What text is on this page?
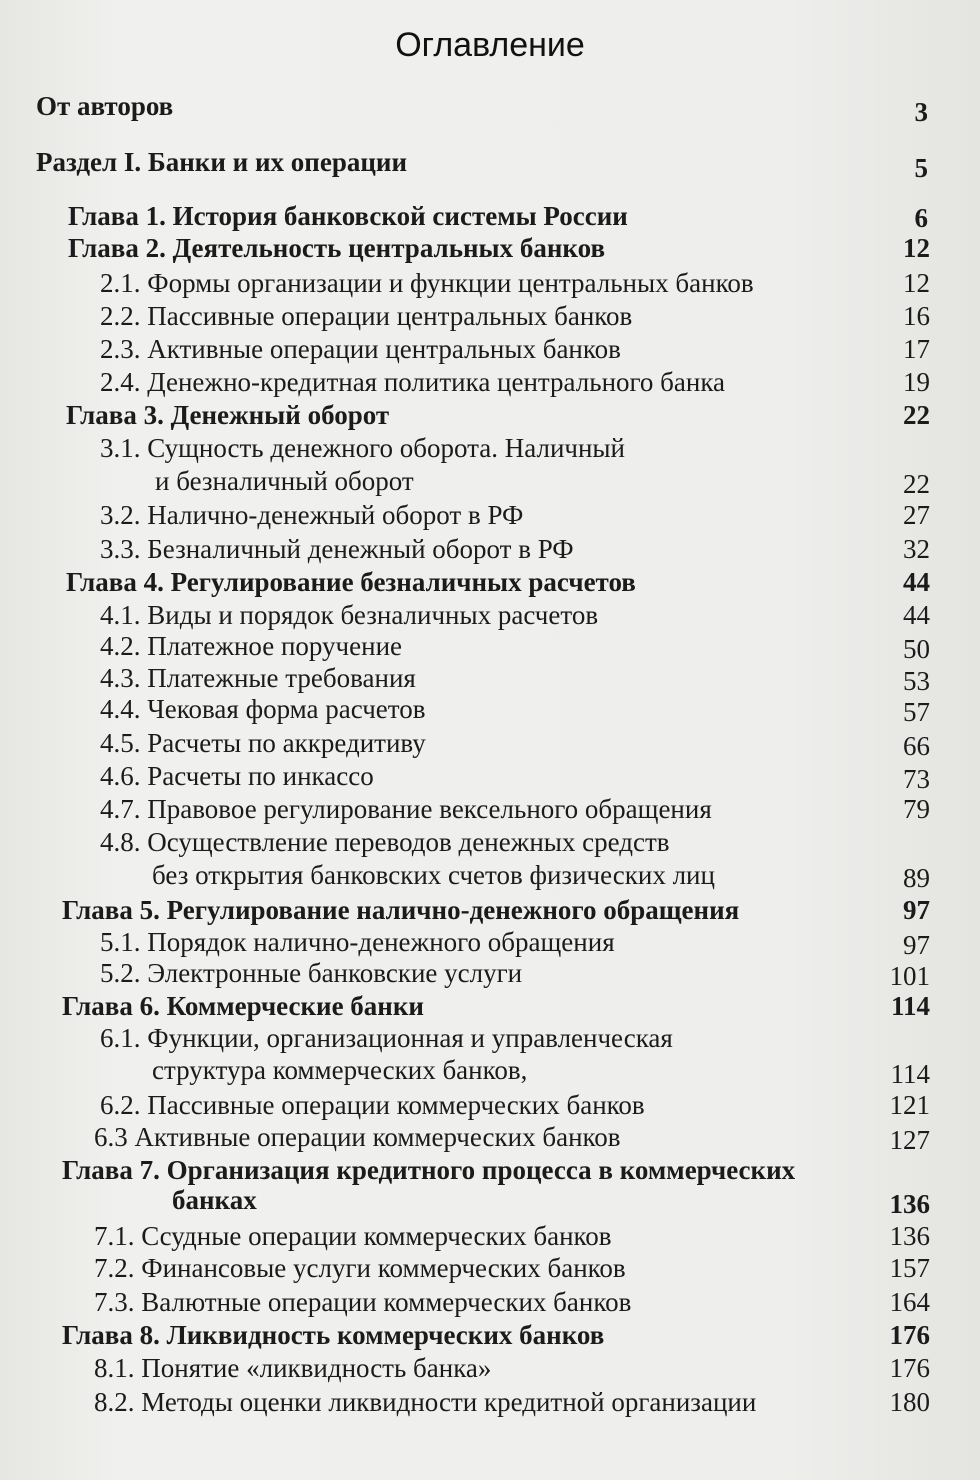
Оглавление
От авторов	3
Раздел I. Банки и их операции	5
Глава 1. История банковской системы России	6
Глава 2. Деятельность центральных банков	12
2.1. Формы организации и функции центральных банков	12
2.2. Пассивные операции центральных банков	16
2.3. Активные операции центральных банков	17
2.4. Денежно-кредитная политика центрального банка	19
Глава 3. Денежный оборот	22
3.1. Сущность денежного оборота. Наличный
и безналичный оборот	22
3.2. Налично-денежный оборот в РФ	27
3.3. Безналичный денежный оборот в РФ	32
Глава 4. Регулирование безналичных расчетов	44
4.1. Виды и порядок безналичных расчетов	44
4.2. Платежное поручение	50
4.3. Платежные требования	53
4.4. Чековая форма расчетов	57
4.5. Расчеты по аккредитиву	66
4.6. Расчеты по инкассо	73
4.7. Правовое регулирование вексельного обращения	79
4.8. Осуществление переводов денежных средств
без открытия банковских счетов физических лиц	89
Глава 5. Регулирование налично-денежного обращения	97
5.1. Порядок налично-денежного обращения	97
5.2. Электронные банковские услуги	101
Глава 6. Коммерческие банки	114
6.1. Функции, организационная и управленческая
структура коммерческих банков,	114
6.2. Пассивные операции коммерческих банков	121
6.3 Активные операции коммерческих банков	127
Глава 7. Организация кредитного процесса в коммерческих
банках	136
7.1. Ссудные операции коммерческих банков	136
7.2. Финансовые услуги коммерческих банков	157
7.3. Валютные операции коммерческих банков	164
Глава 8. Ликвидность коммерческих банков	176
8.1. Понятие «ликвидность банка»	176
8.2. Методы оценки ликвидности кредитной организации	180
